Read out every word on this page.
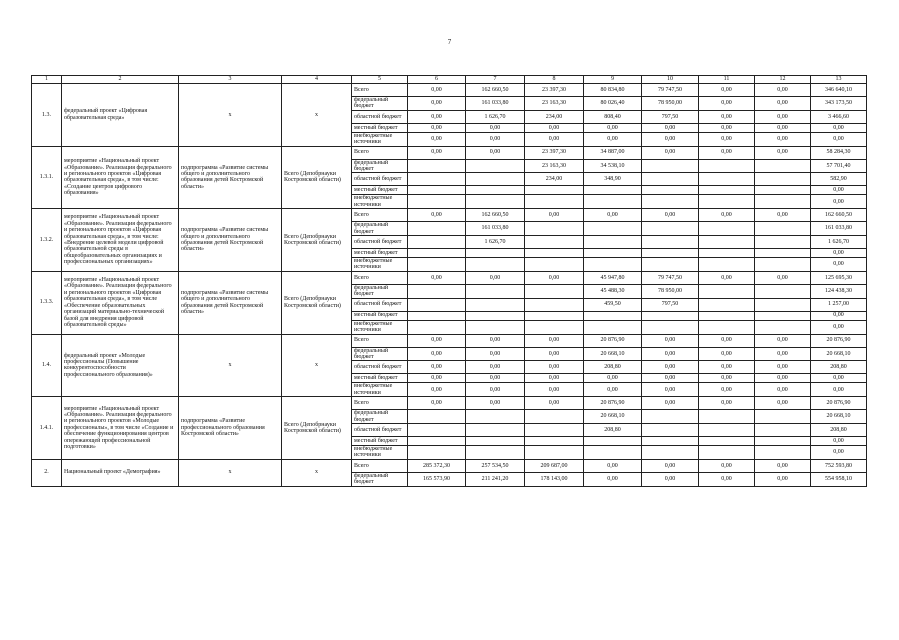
7
1	2	3	4	5	6	7	8	9	10	11	12	13
1.3.	федеральный проект «Цифровая образовательная среда»	х	х	Всего	0,00	162 660,50	23 397,30	80 834,80	79 747,50	0,00	0,00	346 640,10
				федеральный бюджет	0,00	161 033,80	23 163,30	80 026,40	78 950,00	0,00	0,00	343 173,50
				областной бюджет	0,00	1 626,70	234,00	808,40	797,50	0,00	0,00	3 466,60
				местный бюджет	0,00	0,00	0,00	0,00	0,00	0,00	0,00	0,00
				внебюджетные источники	0,00	0,00	0,00	0,00	0,00	0,00	0,00	0,00
1.3.1.	мероприятие «Национальный проект «Образование». Реализация федерального и регионального проектов «Цифровая образовательная среда», в том числе: «Создание центров цифрового образования»	подпрограмма «Развитие системы общего и дополнительного образования детей Костромской области»	Всего (Депобрнауки Костромской области)	Всего	0,00	0,00	23 397,30	34 887,00	0,00	0,00	0,00	58 284,30
				федеральный бюджет			23 163,30	34 538,10				57 701,40
				областной бюджет			234,00	348,90				582,90
				местный бюджет								0,00
				внебюджетные источники								0,00
1.3.2.	мероприятие «Национальный проект «Образование». Реализация федерального и регионального проектов «Цифровая образовательная среда», в том числе: «Внедрение целевой модели цифровой образовательной среды в общеобразовательных организациях и профессиональных организациях»	подпрограмма «Развитие системы общего и дополнительного образования детей Костромской области»	Всего (Депобрнауки Костромской области)	Всего	0,00	162 660,50	0,00	0,00	0,00	0,00	0,00	162 660,50
				федеральный бюджет		161 033,80						161 033,80
				областной бюджет		1 626,70						1 626,70
				местный бюджет								0,00
				внебюджетные источники								0,00
1.3.3.	мероприятие «Национальный проект «Образование». Реализация федерального и регионального проектов «Цифровая образовательная среда», в том числе «Обеспечение образовательных организаций материально-технической базой для внедрения цифровой образовательной среды»	подпрограмма «Развитие системы общего и дополнительного образования детей Костромской области»	Всего (Депобрнауки Костромской области)	Всего	0,00	0,00	0,00	45 947,80	79 747,50	0,00	0,00	125 695,30
				федеральный бюджет				45 488,30	78 950,00			124 438,30
				областной бюджет				459,50	797,50			1 257,00
				местный бюджет								0,00
				внебюджетные источники								0,00
1.4.	федеральный проект «Молодые профессионалы (Повышение конкурентоспособности профессионального образования)»	х	х	Всего	0,00	0,00	0,00	20 876,90	0,00	0,00	0,00	20 876,90
				федеральный бюджет	0,00	0,00	0,00	20 668,10	0,00	0,00	0,00	20 668,10
				областной бюджет	0,00	0,00	0,00	208,80	0,00	0,00	0,00	208,80
				местный бюджет	0,00	0,00	0,00	0,00	0,00	0,00	0,00	0,00
				внебюджетные источники	0,00	0,00	0,00	0,00	0,00	0,00	0,00	0,00
1.4.1.	мероприятие «Национальный проект «Образование». Реализация федерального и регионального проектов «Молодые профессионалы», в том числе «Создание и обеспечение функционирования центров опережающей профессиональной подготовки»	подпрограмма «Развитие профессионального образования Костромской области»	Всего (Депобрнауки Костромской области)	Всего	0,00	0,00	0,00	20 876,90	0,00	0,00	0,00	20 876,90
				федеральный бюджет				20 668,10				20 668,10
				областной бюджет				208,80				208,80
				местный бюджет								0,00
				внебюджетные источники								0,00
2.	Национальный проект «Демография»	х	х	Всего	285 372,30	257 534,50	209 687,00	0,00	0,00	0,00	0,00	752 593,80
				федеральный бюджет	165 573,90	211 241,20	178 143,00	0,00	0,00	0,00	0,00	554 958,10
